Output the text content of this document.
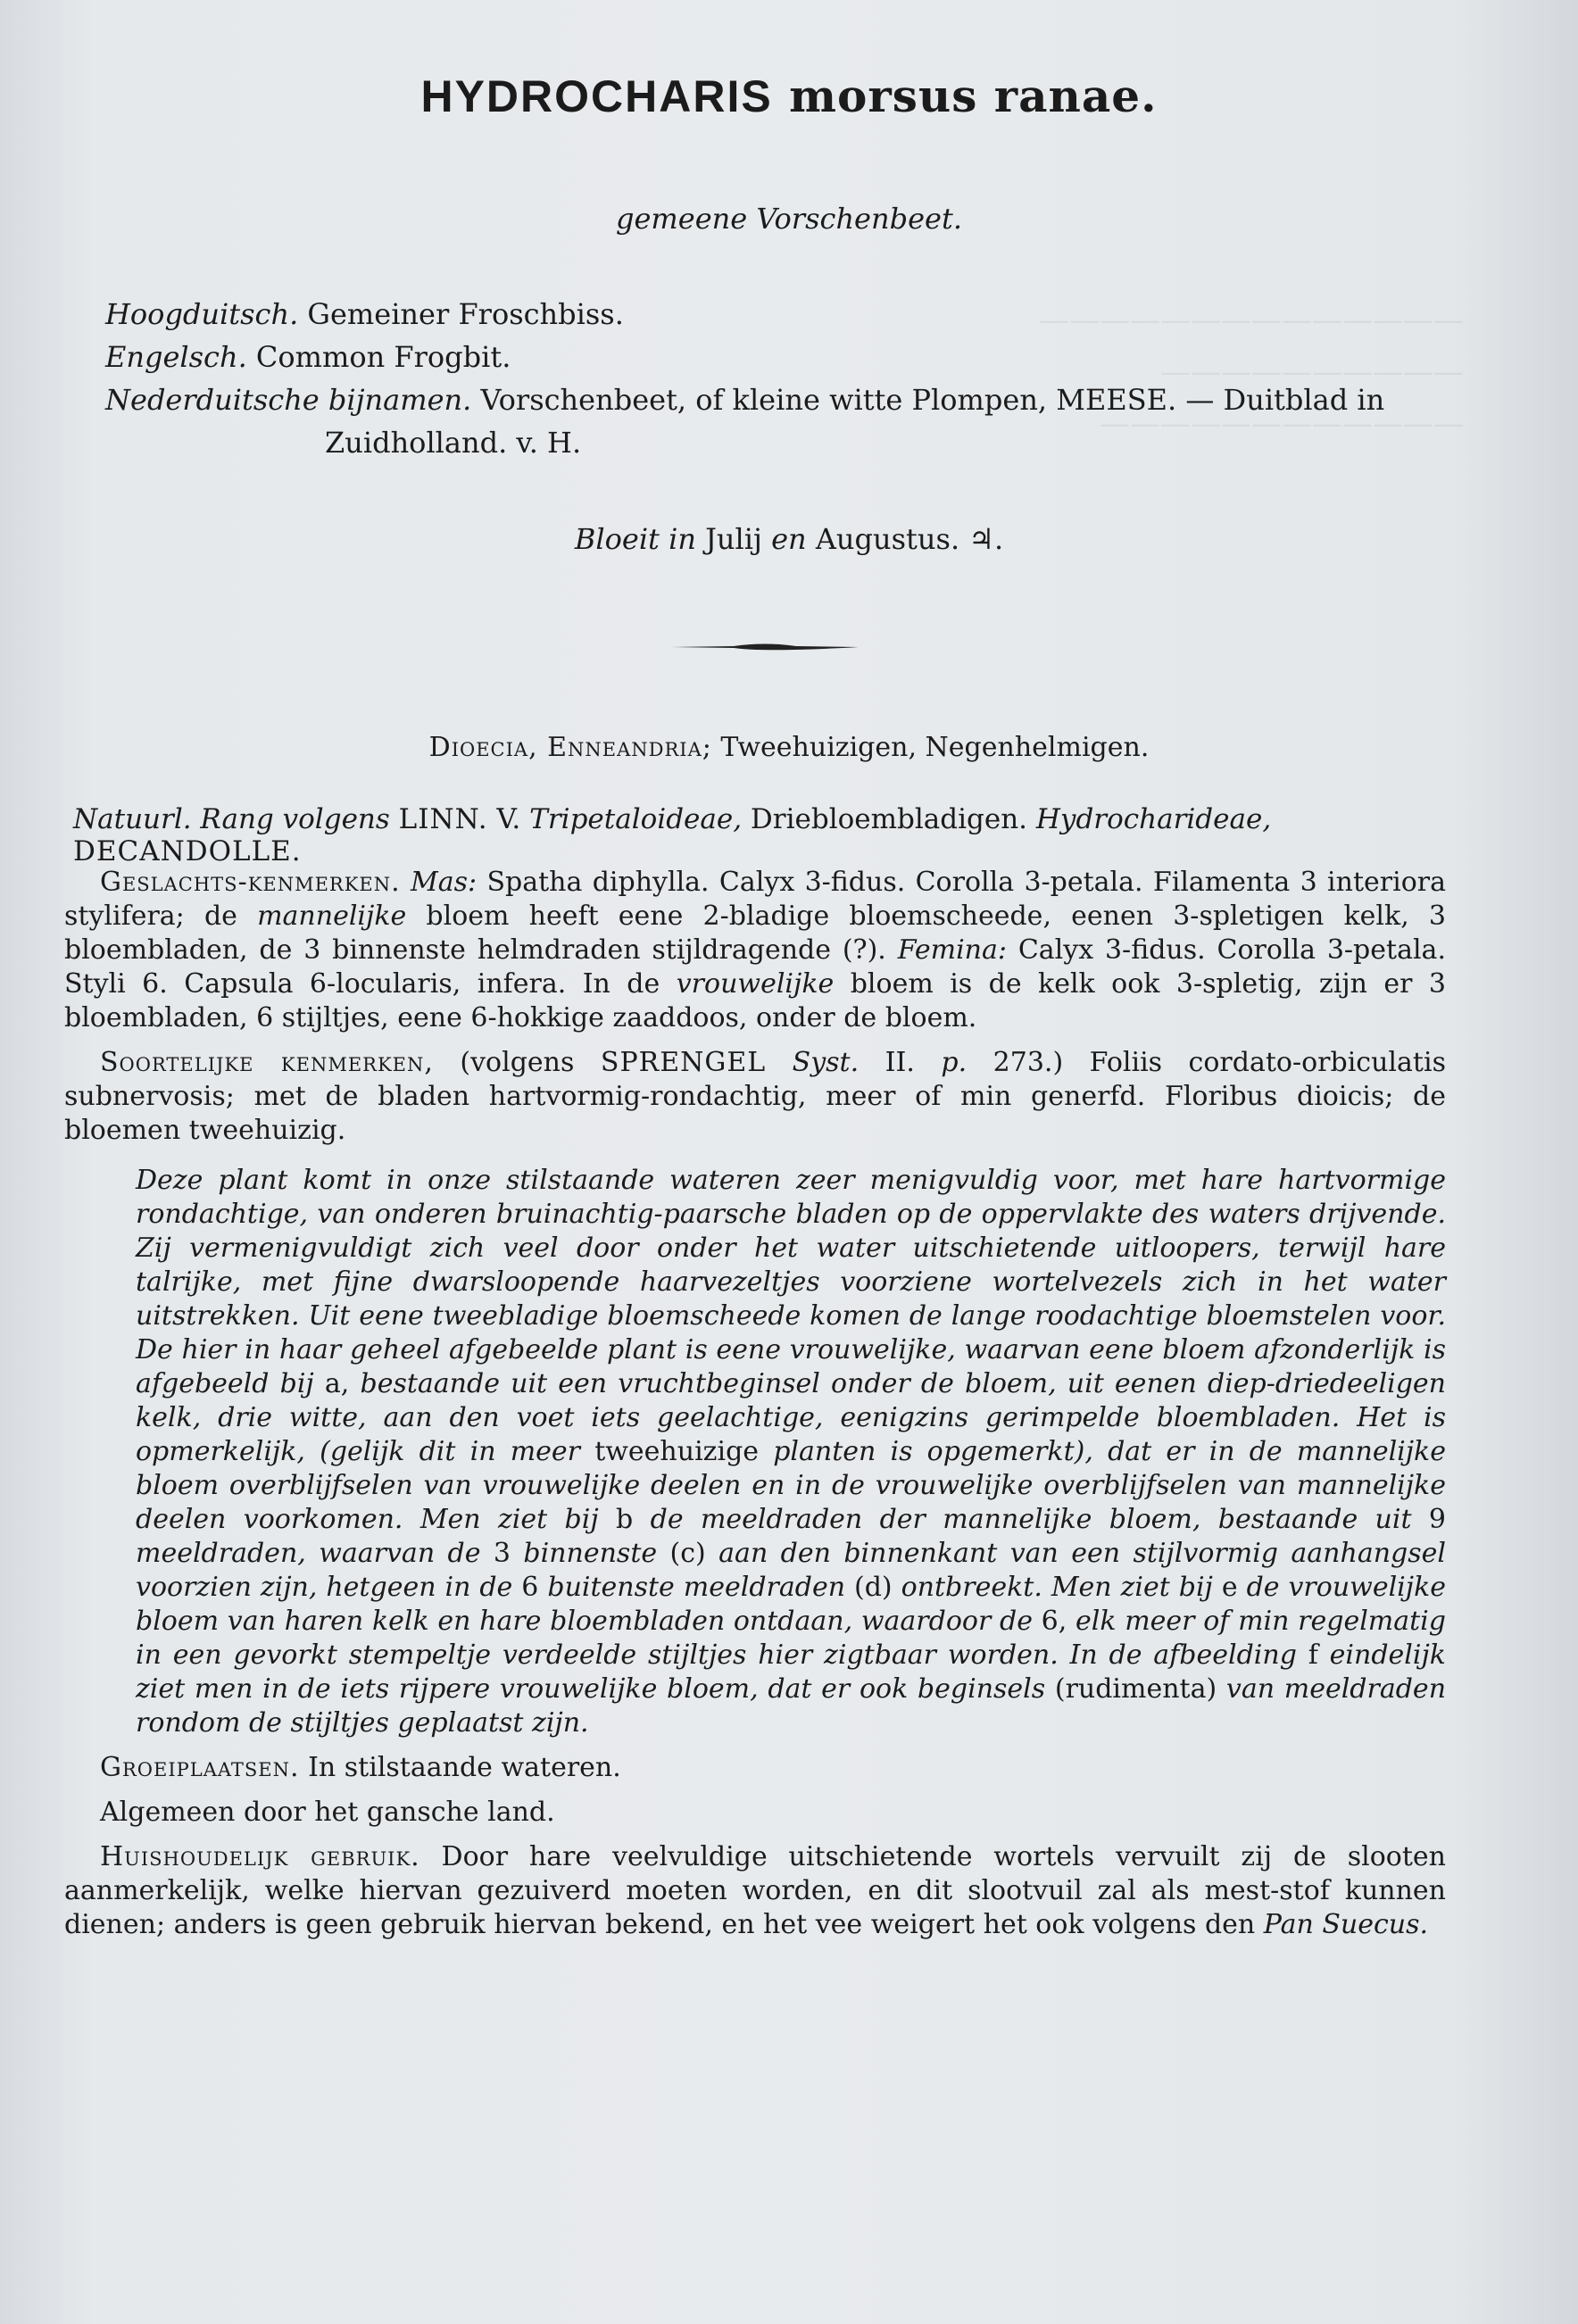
——————————————
——————————
————————————
HYDROCHARIS morsus ranae.
gemeene Vorschenbeet.
Hoogduitsch. Gemeiner Froschbiss.
Engelsch. Common Frogbit.
Nederduitsche bijnamen. Vorschenbeet, of kleine witte Plompen, MEESE. — Duitblad in
Zuidholland. v. H.
Bloeit in Julij en Augustus. ♃.
Dioecia, Enneandria; Tweehuizigen, Negenhelmigen.
Natuurl. Rang volgens LINN. V. Tripetaloideae, Driebloembladigen. Hydrocharideae, DECANDOLLE.

Geslachts-kenmerken. Mas: Spatha diphylla. Calyx 3-fidus. Corolla 3-petala. Filamenta 3 interiora stylifera; de mannelijke bloem heeft eene 2-bladige bloemscheede, eenen 3-spletigen kelk, 3 bloembladen, de 3 binnenste helmdraden stijldragende (?). Femina: Calyx 3-fidus. Corolla 3-petala. Styli 6. Capsula 6-locularis, infera. In de vrouwelijke bloem is de kelk ook 3-spletig, zijn er 3 bloembladen, 6 stijltjes, eene 6-hokkige zaaddoos, onder de bloem.

Soortelijke kenmerken, (volgens SPRENGEL Syst. II. p. 273.) Foliis cordato-orbiculatis subnervosis; met de bladen hartvormig-rondachtig, meer of min generfd. Floribus dioicis; de bloemen tweehuizig.

Deze plant komt in onze stilstaande wateren zeer menigvuldig voor, met hare hartvormige rondachtige, van onderen bruinachtig-paarsche bladen op de oppervlakte des waters drijvende. Zij vermenigvuldigt zich veel door onder het water uitschietende uitloopers, terwijl hare talrijke, met fijne dwarsloopende haarvezeltjes voorziene wortelvezels zich in het water uitstrekken. Uit eene tweebladige bloemscheede komen de lange roodachtige bloemstelen voor. De hier in haar geheel afgebeelde plant is eene vrouwelijke, waarvan eene bloem afzonderlijk is afgebeeld bij a, bestaande uit een vruchtbeginsel onder de bloem, uit eenen diep-driedeeligen kelk, drie witte, aan den voet iets geelachtige, eenigzins gerimpelde bloembladen. Het is opmerkelijk, (gelijk dit in meer tweehuizige planten is opgemerkt), dat er in de mannelijke bloem overblijfselen van vrouwelijke deelen en in de vrouwelijke overblijfselen van mannelijke deelen voorkomen. Men ziet bij b de meeldraden der mannelijke bloem, bestaande uit 9 meeldraden, waarvan de 3 binnenste (c) aan den binnenkant van een stijlvormig aanhangsel voorzien zijn, hetgeen in de 6 buitenste meeldraden (d) ontbreekt. Men ziet bij e de vrouwelijke bloem van haren kelk en hare bloembladen ontdaan, waardoor de 6, elk meer of min regelmatig in een gevorkt stempeltje verdeelde stijltjes hier zigtbaar worden. In de afbeelding f eindelijk ziet men in de iets rijpere vrouwelijke bloem, dat er ook beginsels (rudimenta) van meeldraden rondom de stijltjes geplaatst zijn.

Groeiplaatsen. In stilstaande wateren.

Algemeen door het gansche land.

Huishoudelijk gebruik. Door hare veelvuldige uitschietende wortels vervuilt zij de slooten aanmerkelijk, welke hiervan gezuiverd moeten worden, en dit slootvuil zal als mest-stof kunnen dienen; anders is geen gebruik hiervan bekend, en het vee weigert het ook volgens den Pan Suecus.
